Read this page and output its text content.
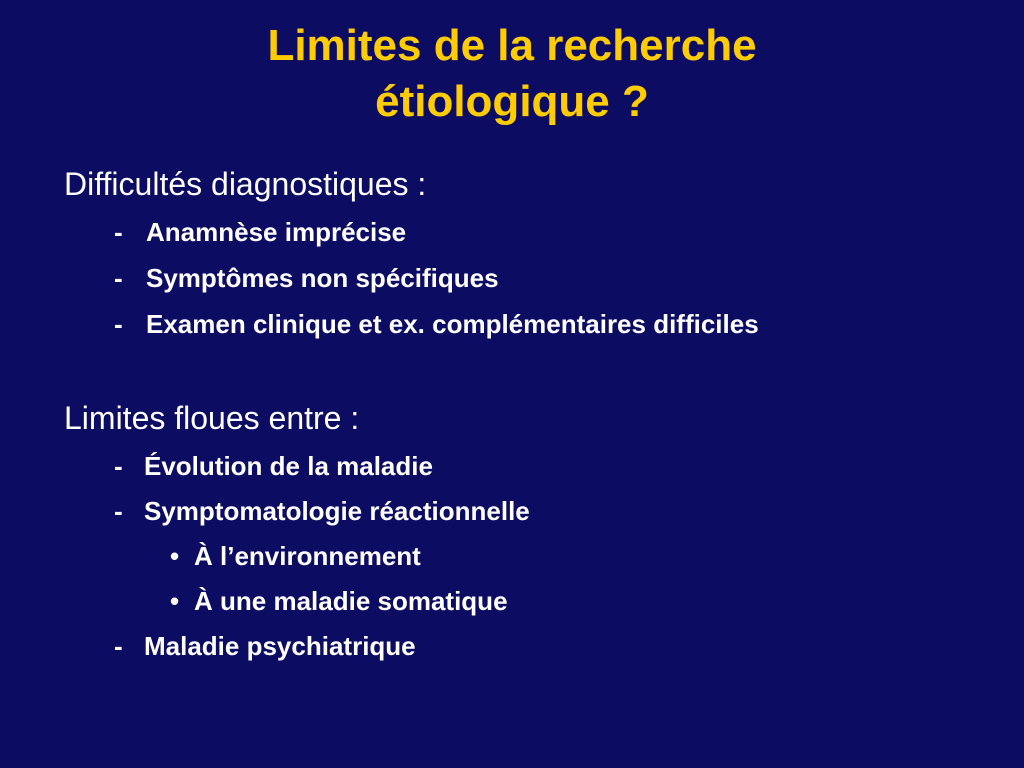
Limites de la recherche
étiologique ?
Difficultés diagnostiques :
- Anamnèse imprécise
- Symptômes non spécifiques
- Examen clinique et ex. complémentaires difficiles
Limites floues entre :
- Évolution de la maladie
- Symptomatologie réactionnelle
• À l’environnement
• À une maladie somatique
- Maladie psychiatrique
